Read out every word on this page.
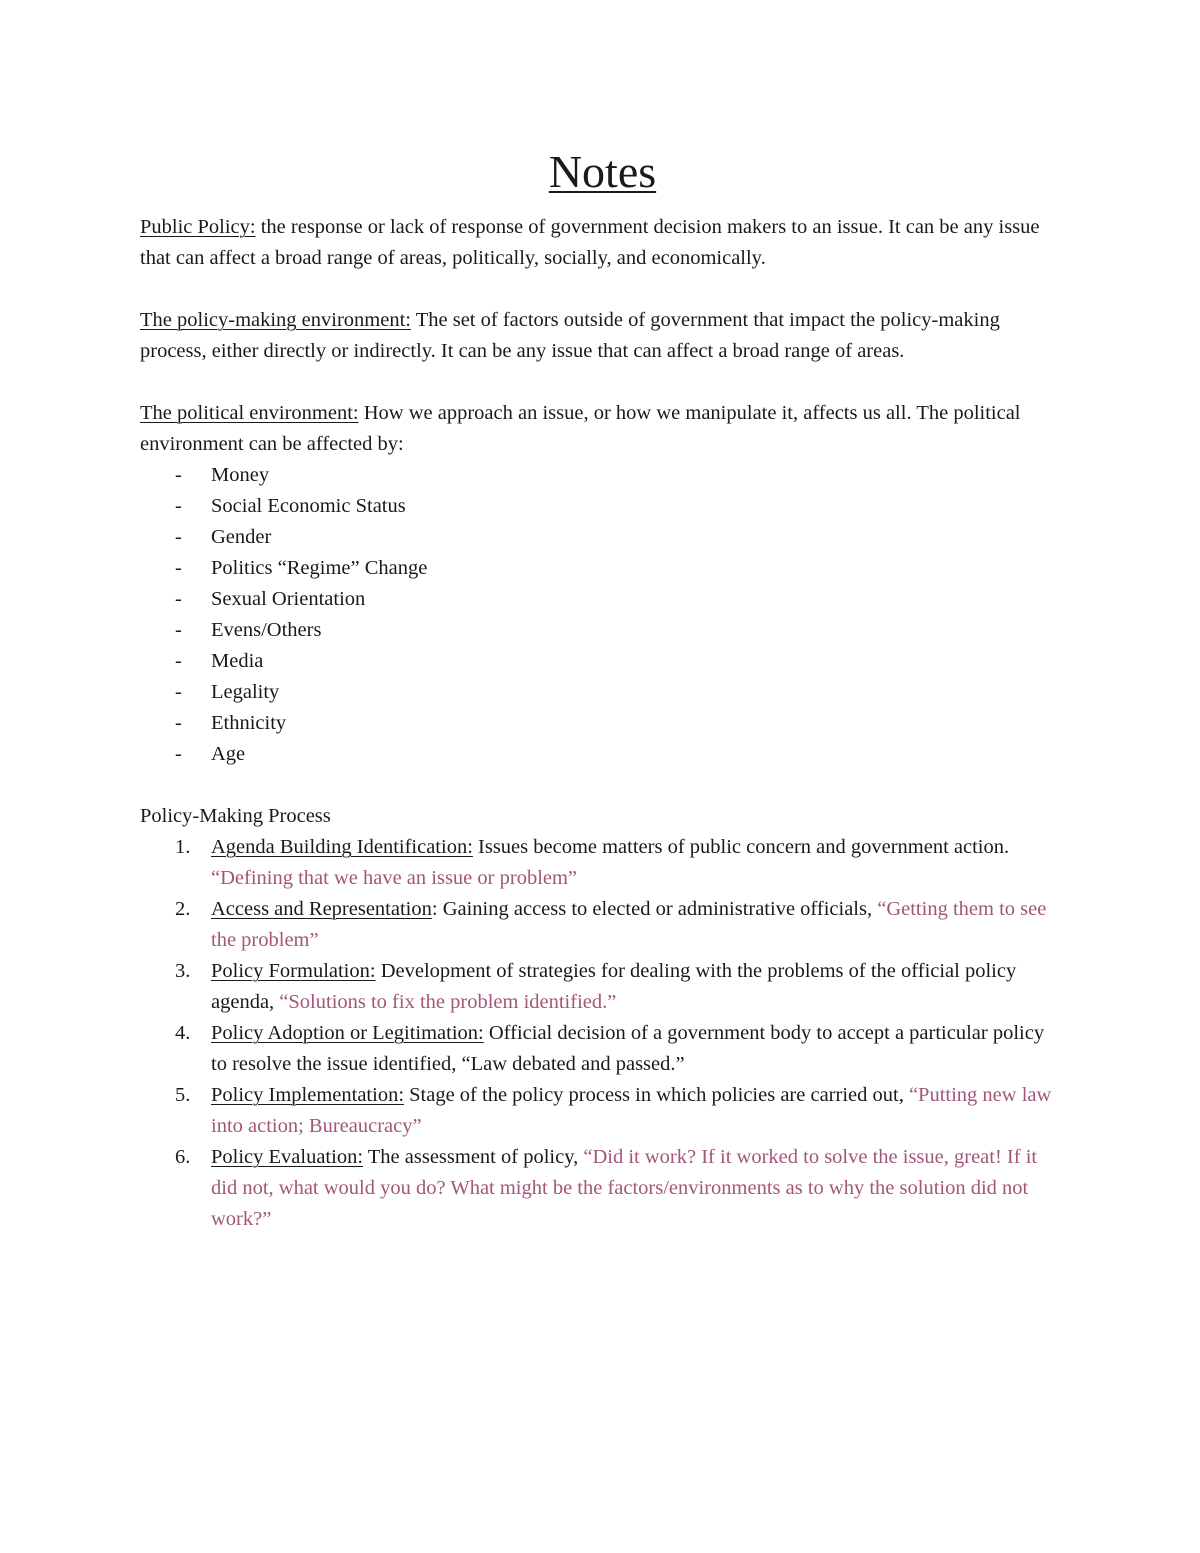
Notes

Public Policy: the response or lack of response of government decision makers to an issue. It can be any issue that can affect a broad range of areas, politically, socially, and economically.

The policy-making environment: The set of factors outside of government that impact the policy-making process, either directly or indirectly. It can be any issue that can affect a broad range of areas.

The political environment: How we approach an issue, or how we manipulate it, affects us all. The political environment can be affected by:

- Money
- Social Economic Status
- Gender
- Politics “Regime” Change
- Sexual Orientation
- Evens/Others
- Media
- Legality
- Ethnicity
- Age

Policy-Making Process

1. Agenda Building Identification: Issues become matters of public concern and government action. “Defining that we have an issue or problem”
2. Access and Representation: Gaining access to elected or administrative officials, “Getting them to see the problem”
3. Policy Formulation: Development of strategies for dealing with the problems of the official policy agenda, “Solutions to fix the problem identified.”
4. Policy Adoption or Legitimation: Official decision of a government body to accept a particular policy to resolve the issue identified, “Law debated and passed.”
5. Policy Implementation: Stage of the policy process in which policies are carried out, “Putting new law into action; Bureaucracy”
6. Policy Evaluation: The assessment of policy, “Did it work? If it worked to solve the issue, great! If it did not, what would you do? What might be the factors/environments as to why the solution did not work?”
